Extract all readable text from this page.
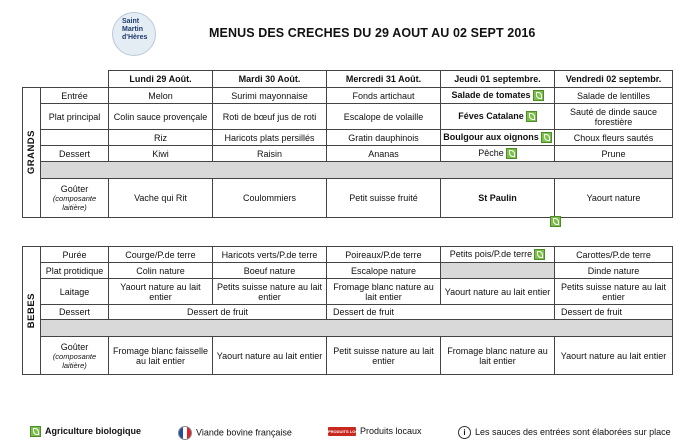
Saint
Martin
d'Hères	MENUS DES CRECHES DU 29 AOUT AU 02 SEPT 2016
		Lundi 29 Août.	Mardi 30 Août.	Mercredi 31 Août.	Jeudi 01 septembre.	Vendredi 02 septembr.

GRANDS	Entrée	Melon	Surimi mayonnaise	Fonds artichaut	Salade de tomates	Salade de lentilles
	Plat principal	Colin sauce provençale	Roti de bœuf jus de roti	Escalope de volaille	Féves Catalane	Sauté de dinde sauce forestière
		Riz	Haricots plats persillés	Gratin dauphinois	Boulgour aux oignons	Choux fleurs sautés
	Dessert	Kiwi	Raisin	Ananas	Pêche	Prune

	Goûter
(composante laitière)	Vache qui Rit	Coulommiers	Petit suisse fruité	St Paulin	Yaourt nature

BEBES	Purée	Courge/P.de terre	Haricots verts/P.de terre	Poireaux/P.de terre	Petits pois/P.de terre	Carottes/P.de terre
	Plat protidique	Colin nature	Boeuf nature	Escalope nature		Dinde nature
	Laitage	Yaourt nature au lait entier	Petits suisse nature au lait entier	Fromage blanc nature au lait entier	Yaourt nature au lait entier	Petits suisse nature au lait entier
	Dessert	Dessert de fruit		Dessert de fruit		Dessert de fruit

	Goûter
(composante laitière)	Fromage blanc faisselle au lait entier	Yaourt nature au lait entier	Petit suisse nature au lait entier	Fromage blanc nature au lait entier	Yaourt nature au lait entier
Agriculture biologique	Viande bovine française	PRODUITS LOCAUXProduits locaux	i Les sauces des entrées sont élaborées sur place
